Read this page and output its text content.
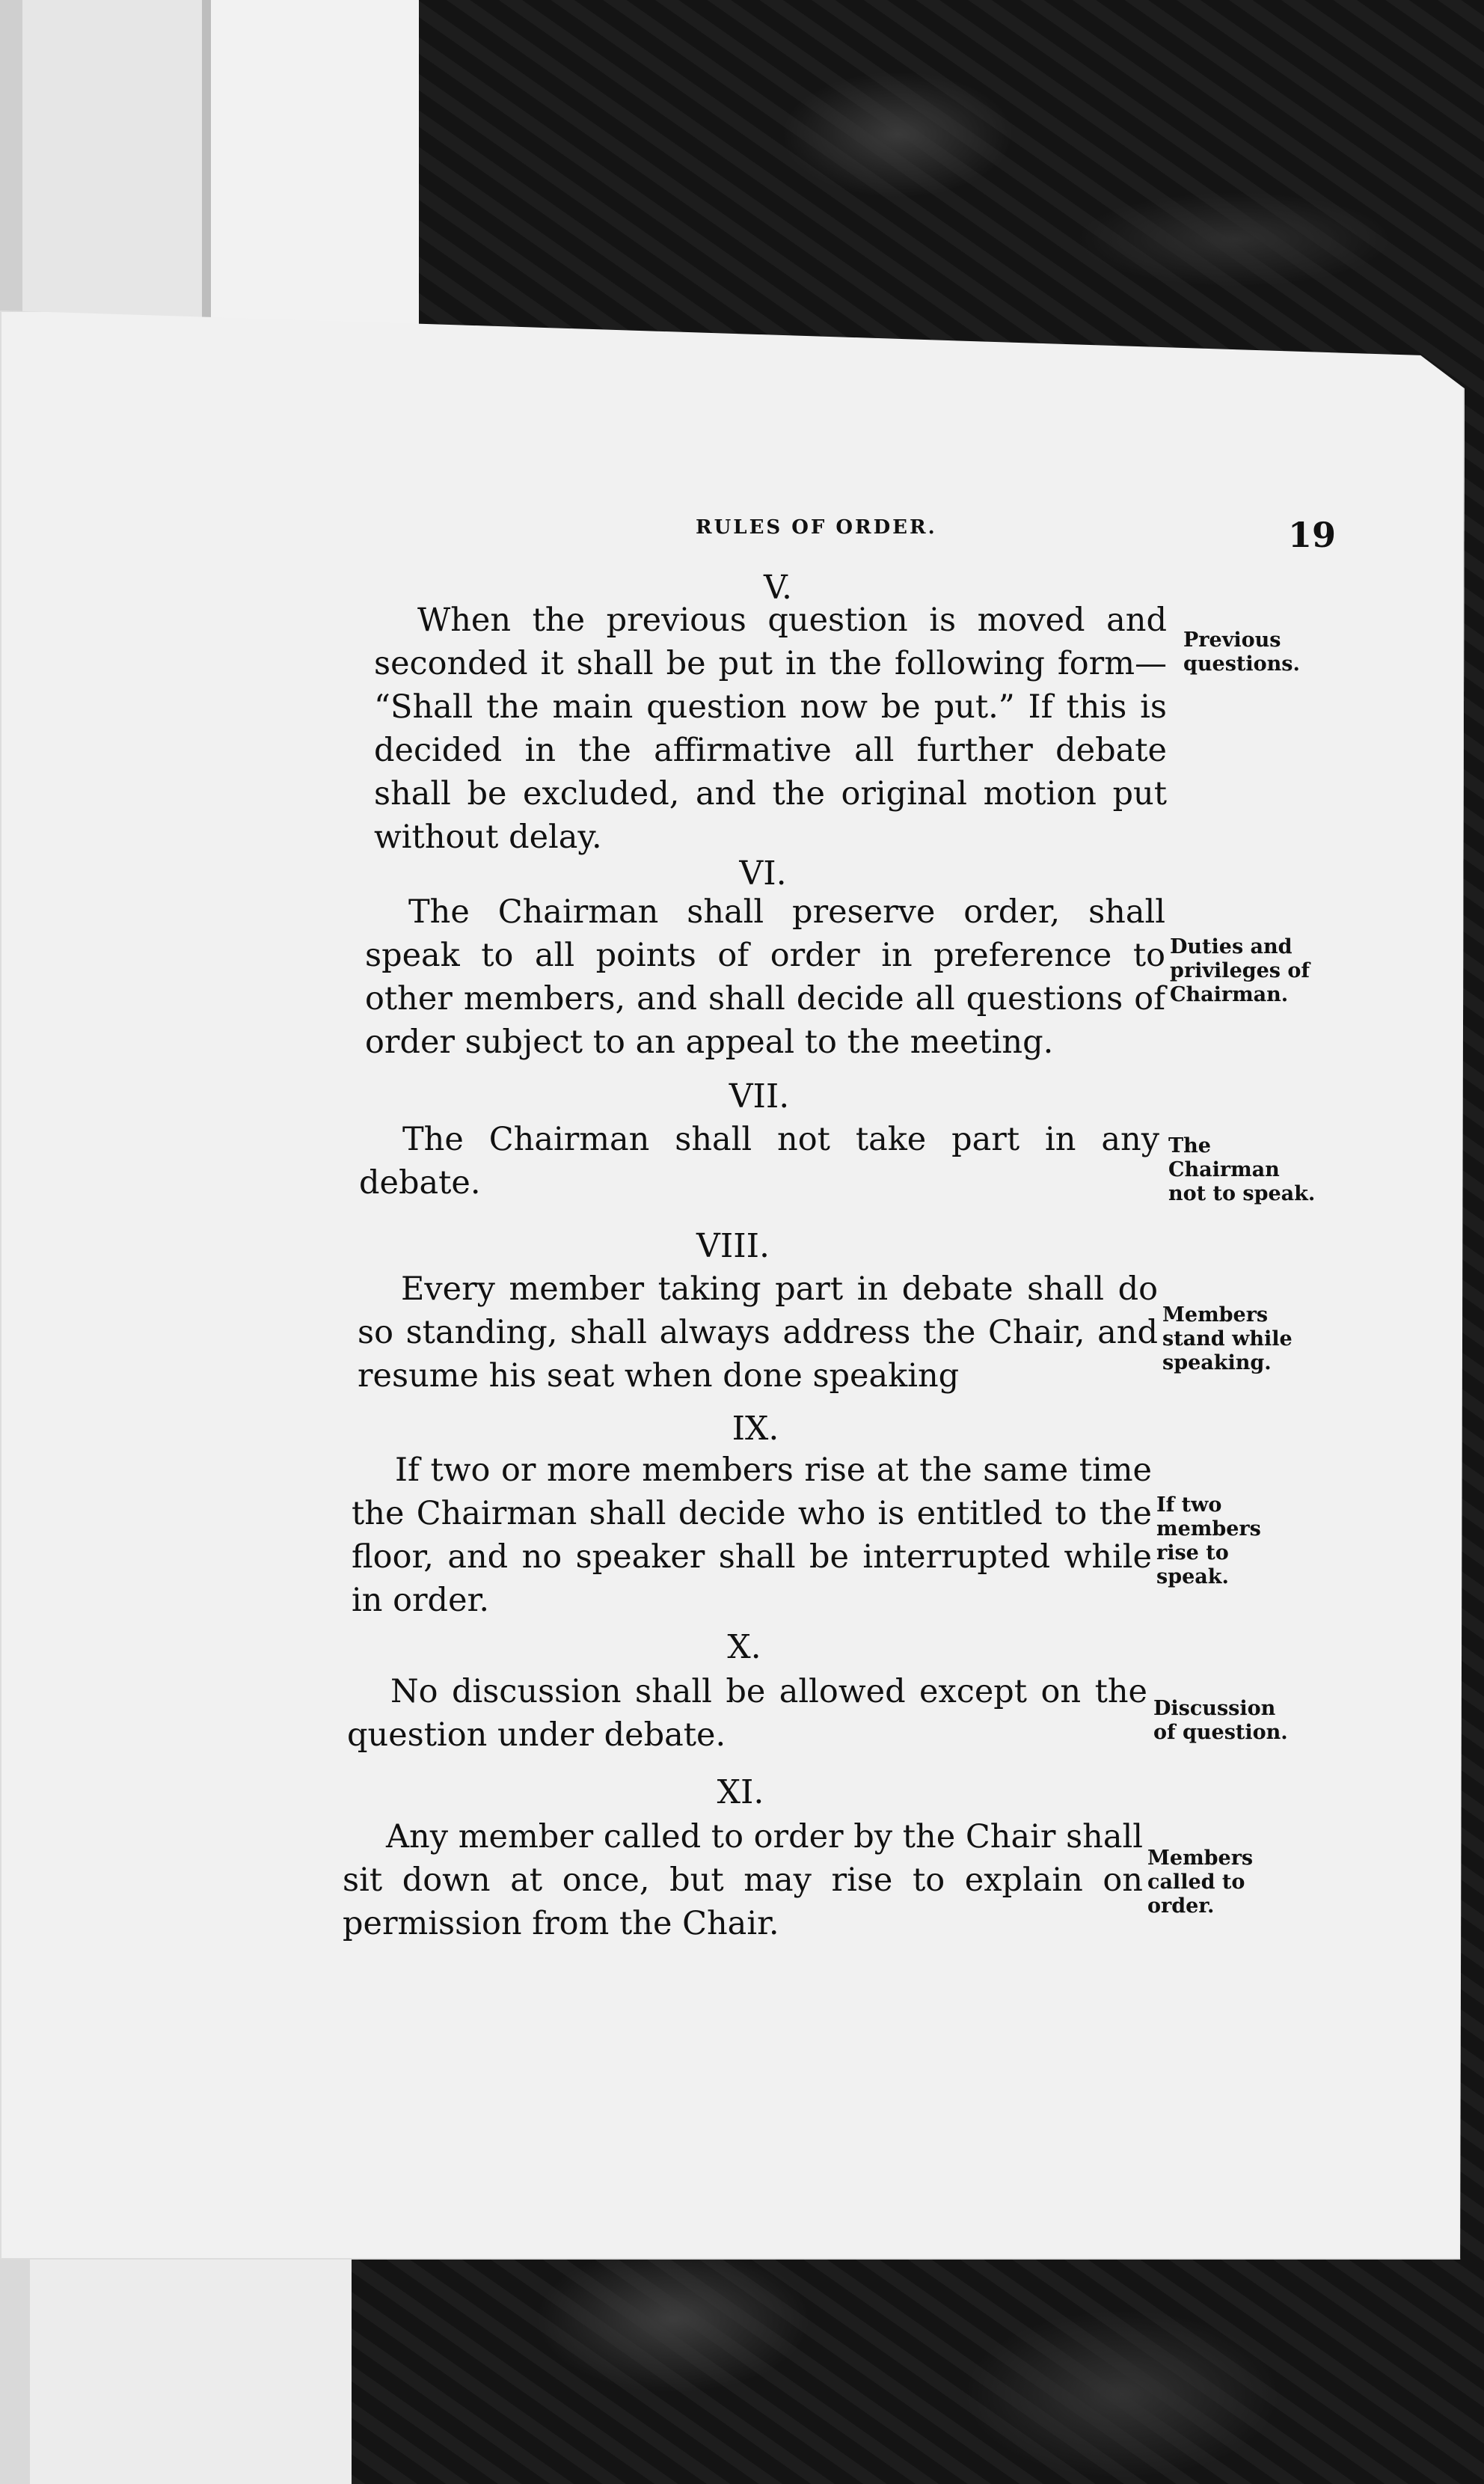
RULES OF ORDER.	19
V.

When the previous question is moved and seconded it shall be put in the following form— “Shall the main question now be put.” If this is decided in the affirmative all further debate shall be excluded, and the original motion put without delay.

Previous questions.

VI.

The Chairman shall preserve order, shall speak to all points of order in preference to other members, and shall decide all questions of order subject to an appeal to the meeting.

Duties and privileges of Chairman.

VII.

The Chairman shall not take part in any debate.

The Chairman not to speak.

VIII.

Every member taking part in debate shall do so standing, shall always address the Chair, and resume his seat when done speaking

Members stand while speaking.

IX.

If two or more members rise at the same time the Chairman shall decide who is entitled to the floor, and no speaker shall be interrupted while in order.

If two members rise to speak.

X.

No discussion shall be allowed except on the question under debate.

Discussion of question.

XI.

Any member called to order by the Chair shall sit down at once, but may rise to explain on permission from the Chair.

Members called to order.
